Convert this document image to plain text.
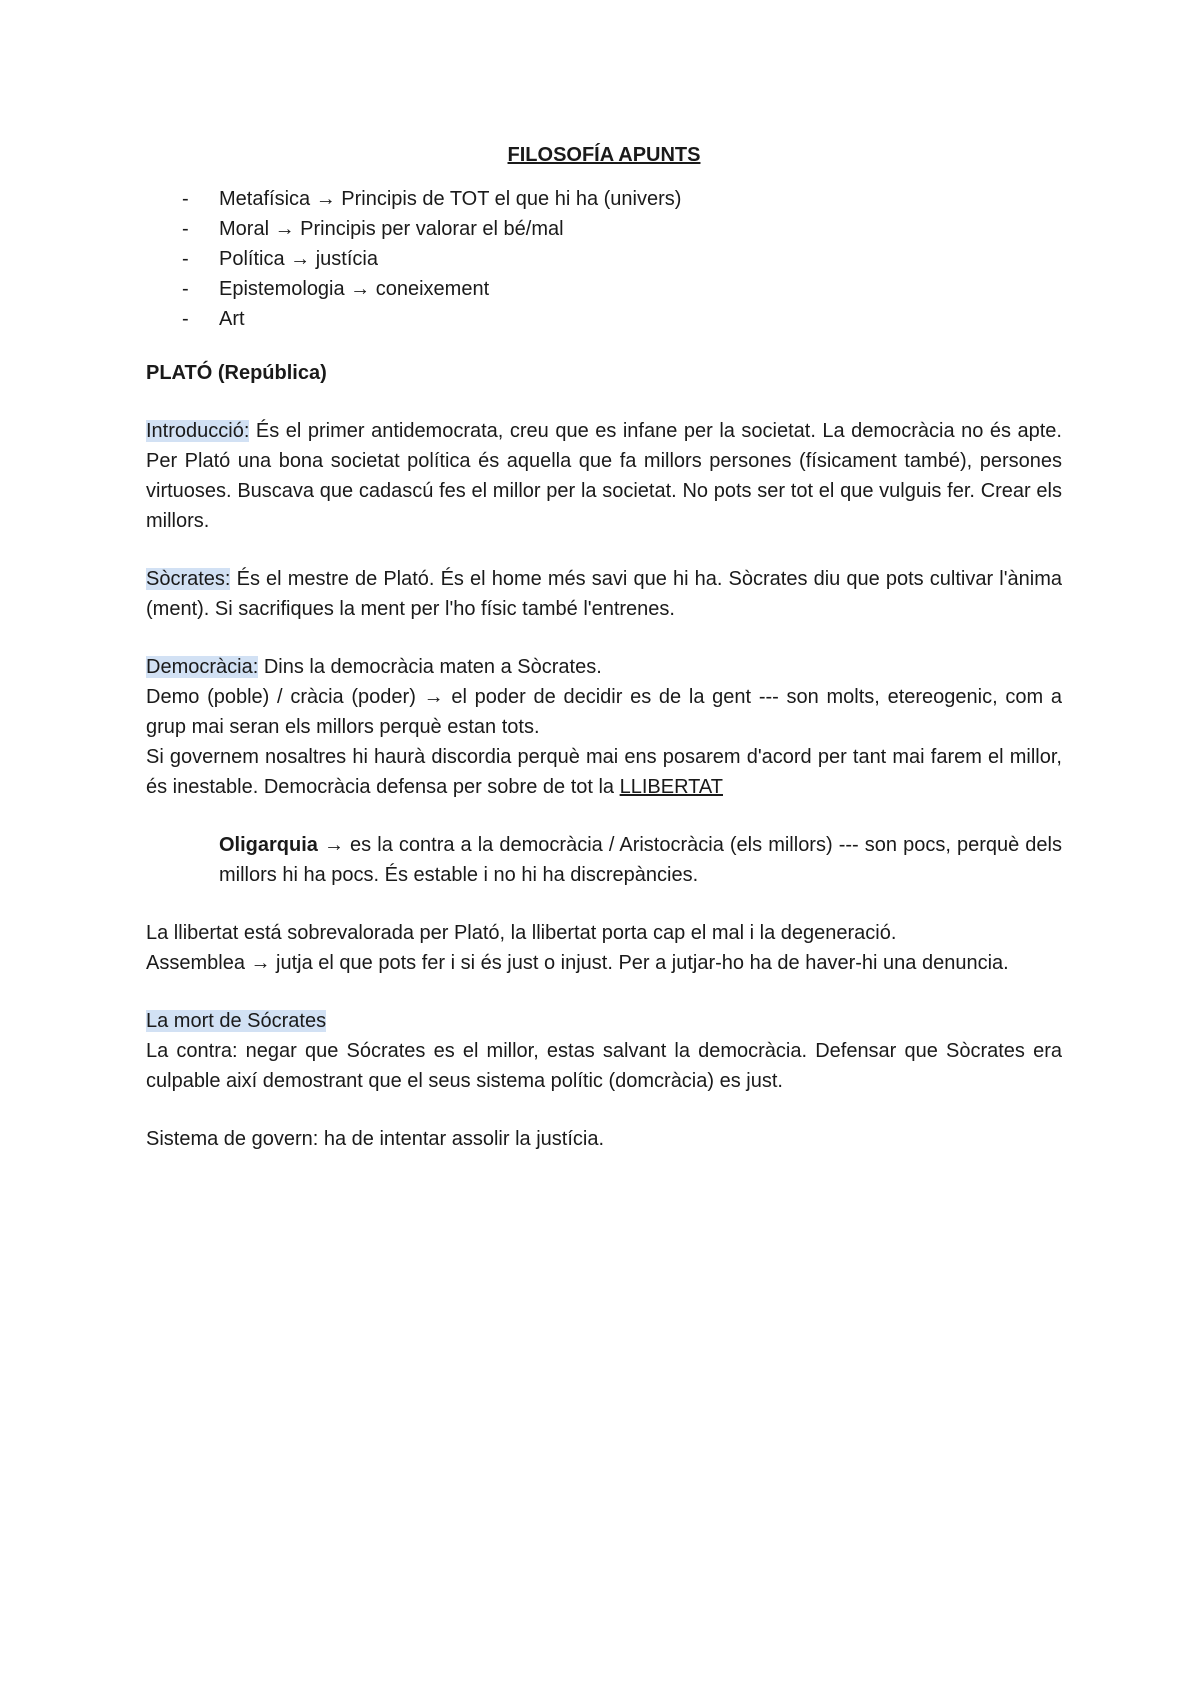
FILOSOFÍA APUNTS
- Metafísica → Principis de TOT el que hi ha (univers)
- Moral → Principis per valorar el bé/mal
- Política → justícia
- Epistemologia → coneixement
- Art
PLATÓ (República)

Introducció: És el primer antidemocrata, creu que es infane per la societat. La democràcia no és apte. Per Plató una bona societat política és aquella que fa millors persones (físicament també), persones virtuoses. Buscava que cadascú fes el millor per la societat. No pots ser tot el que vulguis fer. Crear els millors.

Sòcrates: És el mestre de Plató. És el home més savi que hi ha. Sòcrates diu que pots cultivar l'ànima (ment). Si sacrifiques la ment per l'ho físic també l'entrenes.

Democràcia: Dins la democràcia maten a Sòcrates.

Demo (poble) / cràcia (poder) → el poder de decidir es de la gent --- son molts, etereogenic, com a grup mai seran els millors perquè estan tots.

Si governem nosaltres hi haurà discordia perquè mai ens posarem d'acord per tant mai farem el millor, és inestable. Democràcia defensa per sobre de tot la LLIBERTAT

Oligarquia → es la contra a la democràcia / Aristocràcia (els millors) --- son pocs, perquè dels millors hi ha pocs. És estable i no hi ha discrepàncies.

La llibertat está sobrevalorada per Plató, la llibertat porta cap el mal i la degeneració.

Assemblea → jutja el que pots fer i si és just o injust. Per a jutjar-ho ha de haver-hi una denuncia.

La mort de Sócrates

La contra: negar que Sócrates es el millor, estas salvant la democràcia. Defensar que Sòcrates era culpable així demostrant que el seus sistema polític (domcràcia) es just.

Sistema de govern: ha de intentar assolir la justícia.
